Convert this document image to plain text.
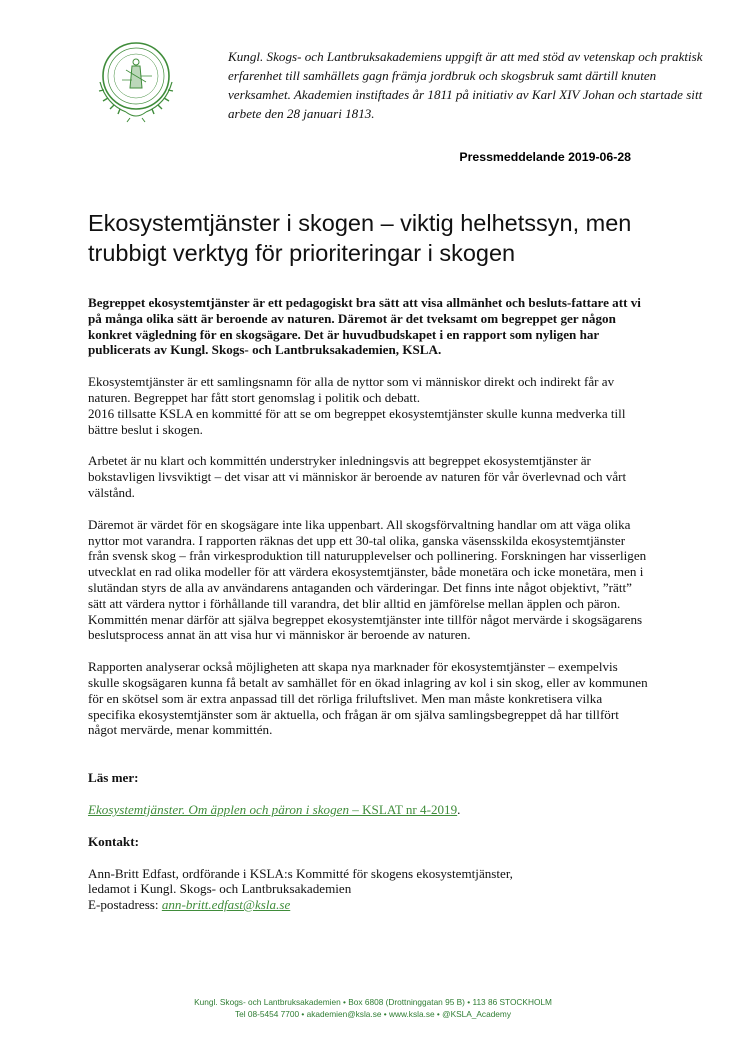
Kungl. Skogs- och Lantbruksakademiens uppgift är att med stöd av vetenskap och praktisk erfarenhet till samhällets gagn främja jordbruk och skogsbruk samt därtill knuten verksamhet. Akademien instiftades år 1811 på initiativ av Karl XIV Johan och startade sitt arbete den 28 januari 1813.

Pressmeddelande 2019-06-28
Ekosystemtjänster i skogen – viktig helhetssyn, men trubbigt verktyg för prioriteringar i skogen

Begreppet ekosystemtjänster är ett pedagogiskt bra sätt att visa allmänhet och besluts-fattare att vi på många olika sätt är beroende av naturen. Däremot är det tveksamt om begreppet ger någon konkret vägledning för en skogsägare. Det är huvudbudskapet i en rapport som nyligen har publicerats av Kungl. Skogs- och Lantbruksakademien, KSLA.

Ekosystemtjänster är ett samlingsnamn för alla de nyttor som vi människor direkt och indirekt får av naturen. Begreppet har fått stort genomslag i politik och debatt.
2016 tillsatte KSLA en kommitté för att se om begreppet ekosystemtjänster skulle kunna medverka till bättre beslut i skogen.

Arbetet är nu klart och kommittén understryker inledningsvis att begreppet ekosystemtjänster är bokstavligen livsviktigt – det visar att vi människor är beroende av naturen för vår överlevnad och vårt välstånd.

Däremot är värdet för en skogsägare inte lika uppenbart. All skogsförvaltning handlar om att väga olika nyttor mot varandra. I rapporten räknas det upp ett 30-tal olika, ganska väsensskilda ekosystemtjänster från svensk skog – från virkesproduktion till naturupplevelser och pollinering. Forskningen har visserligen utvecklat en rad olika modeller för att värdera ekosystemtjänster, både monetära och icke monetära, men i slutändan styrs de alla av användarens antaganden och värderingar. Det finns inte något objektivt, ”rätt” sätt att värdera nyttor i förhållande till varandra, det blir alltid en jämförelse mellan äpplen och päron. Kommittén menar därför att själva begreppet ekosystemtjänster inte tillför något mervärde i skogsägarens beslutsprocess annat än att visa hur vi människor är beroende av naturen.

Rapporten analyserar också möjligheten att skapa nya marknader för ekosystemtjänster – exempelvis skulle skogsägaren kunna få betalt av samhället för en ökad inlagring av kol i sin skog, eller av kommunen för en skötsel som är extra anpassad till det rörliga friluftslivet. Men man måste konkretisera vilka specifika ekosystemtjänster som är aktuella, och frågan är om själva samlingsbegreppet då har tillfört något mervärde, menar kommittén.

Läs mer:

Ekosystemtjänster. Om äpplen och päron i skogen – KSLAT nr 4-2019.

Kontakt:

Ann-Britt Edfast, ordförande i KSLA:s Kommitté för skogens ekosystemtjänster,
ledamot i Kungl. Skogs- och Lantbruksakademien
E-postadress: ann-britt.edfast@ksla.se

Kungl. Skogs- och Lantbruksakademien • Box 6808 (Drottninggatan 95 B) • 113 86 STOCKHOLM
Tel 08-5454 7700 • akademien@ksla.se • www.ksla.se • @KSLA_Academy
